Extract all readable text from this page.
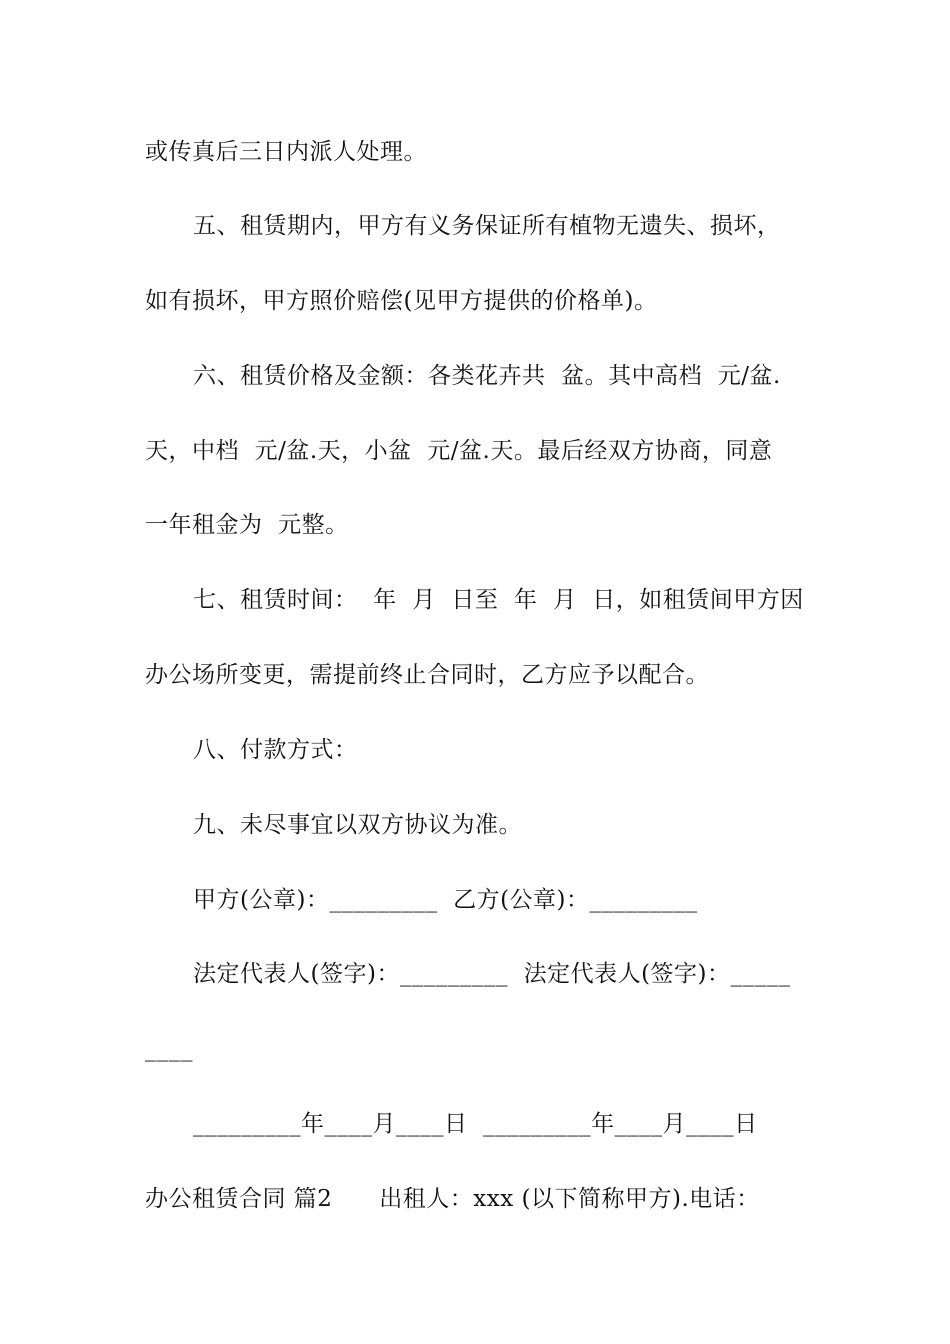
或传真后三日内派人处理。
五、租赁期内，甲方有义务保证所有植物无遗失、损坏，
如有损坏，甲方照价赔偿(见甲方提供的价格单)。
六、租赁价格及金额：各类花卉共  盆。其中高档  元/盆.
天，中档  元/盆.天，小盆  元/盆.天。最后经双方协商，同意
一年租金为  元整。
七、租赁时间：  年  月  日至  年  月  日，如租赁间甲方因
办公场所变更，需提前终止合同时，乙方应予以配合。
八、付款方式：
九、未尽事宜以双方协议为准。
甲方(公章)：_________  乙方(公章)：_________
法定代表人(签字)：_________  法定代表人(签字)：_____
____
_________年____月____日  _________年____月____日
办公租赁合同 篇2      出租人：xxx (以下简称甲方).电话：
